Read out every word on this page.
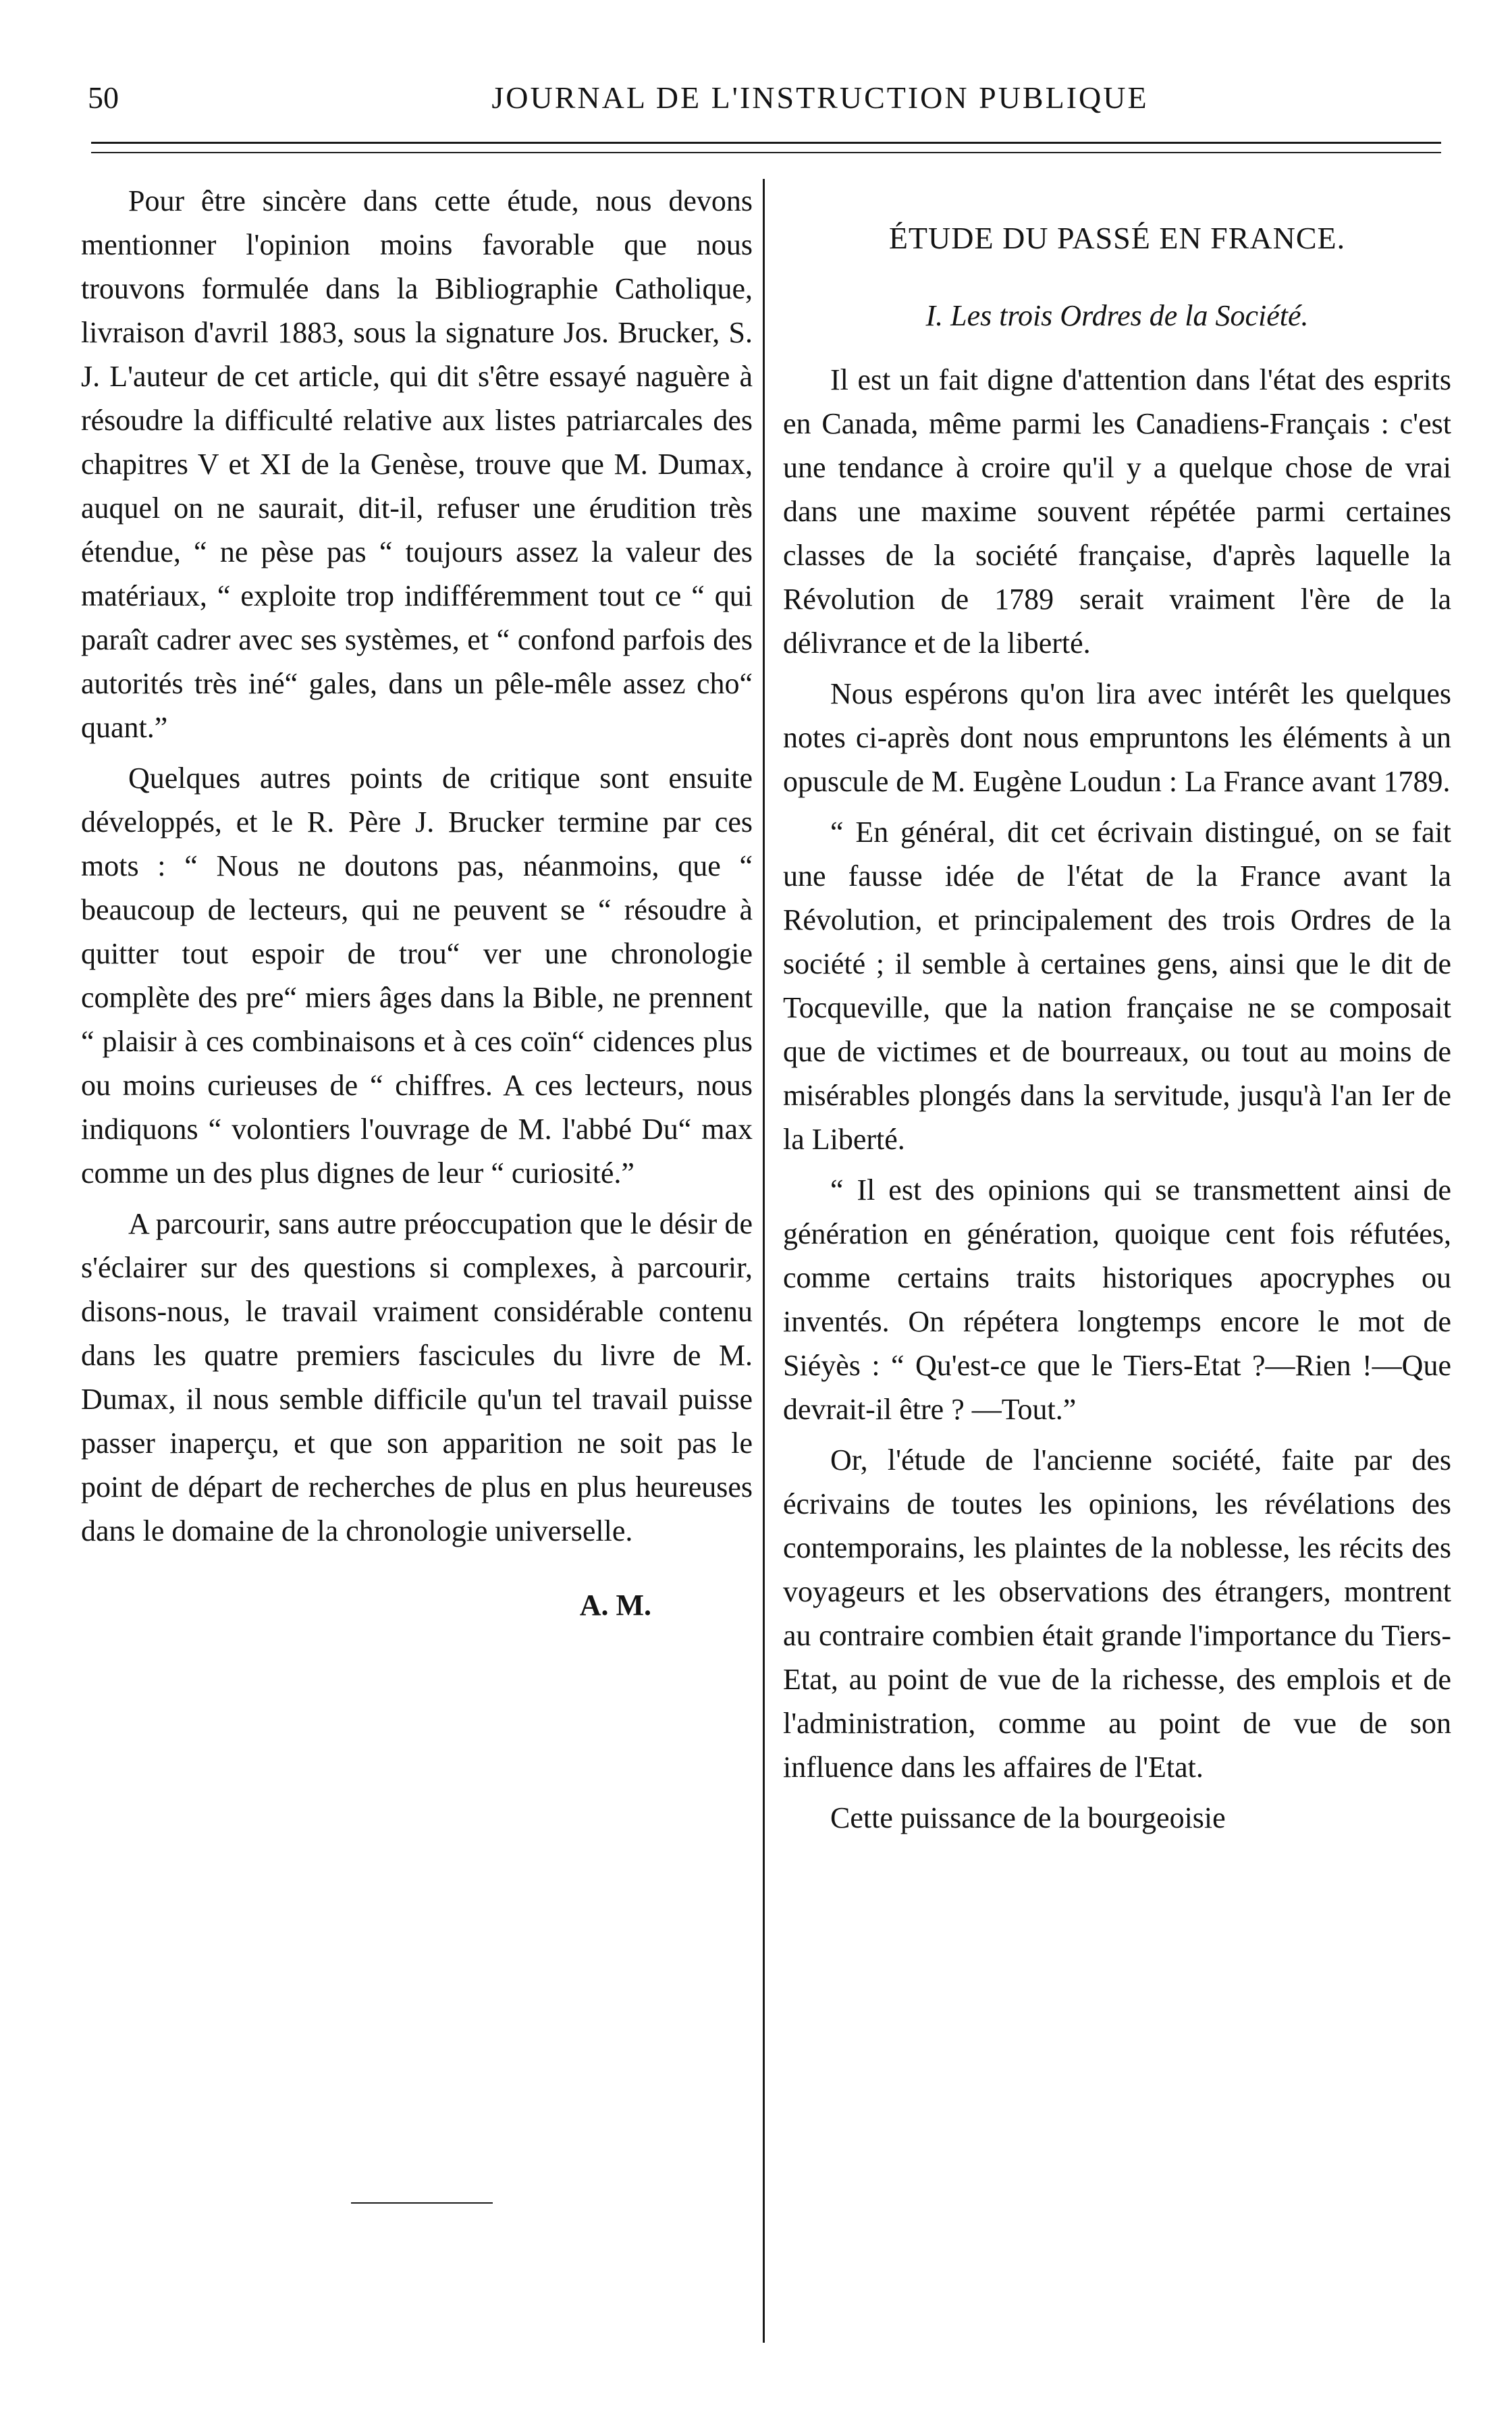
50	JOURNAL DE L'INSTRUCTION PUBLIQUE

Pour être sincère dans cette étude, nous devons mentionner l'opinion moins favorable que nous trouvons formulée dans la Bibliographie Catholique, livraison d'avril 1883, sous la signature Jos. Brucker, S. J. L'auteur de cet article, qui dit s'être essayé naguère à résoudre la difficulté relative aux listes patriarcales des chapitres V et XI de la Genèse, trouve que M. Dumax, auquel on ne saurait, dit-il, refuser une érudition très étendue, “ ne pèse pas “ toujours assez la valeur des matériaux, “ exploite trop indifféremment tout ce “ qui paraît cadrer avec ses systèmes, et “ confond parfois des autorités très iné“ gales, dans un pêle-mêle assez cho“ quant.”

Quelques autres points de critique sont ensuite développés, et le R. Père J. Brucker termine par ces mots : “ Nous ne doutons pas, néanmoins, que “ beaucoup de lecteurs, qui ne peuvent se “ résoudre à quitter tout espoir de trou“ ver une chronologie complète des pre“ miers âges dans la Bible, ne prennent “ plaisir à ces combinaisons et à ces coïn“ cidences plus ou moins curieuses de “ chiffres. A ces lecteurs, nous indiquons “ volontiers l'ouvrage de M. l'abbé Du“ max comme un des plus dignes de leur “ curiosité.”

A parcourir, sans autre préoccupation que le désir de s'éclairer sur des questions si complexes, à parcourir, disons-nous, le travail vraiment considérable contenu dans les quatre premiers fascicules du livre de M. Dumax, il nous semble difficile qu'un tel travail puisse passer inaperçu, et que son apparition ne soit pas le point de départ de recherches de plus en plus heureuses dans le domaine de la chronologie universelle.

A. M.
ÉTUDE DU PASSÉ EN FRANCE.
I. Les trois Ordres de la Société.

Il est un fait digne d'attention dans l'état des esprits en Canada, même parmi les Canadiens-Français : c'est une tendance à croire qu'il y a quelque chose de vrai dans une maxime souvent répétée parmi certaines classes de la société française, d'après laquelle la Révolution de 1789 serait vraiment l'ère de la délivrance et de la liberté.

Nous espérons qu'on lira avec intérêt les quelques notes ci-après dont nous empruntons les éléments à un opuscule de M. Eugène Loudun : La France avant 1789.

“ En général, dit cet écrivain distingué, on se fait une fausse idée de l'état de la France avant la Révolution, et principalement des trois Ordres de la société ; il semble à certaines gens, ainsi que le dit de Tocqueville, que la nation française ne se composait que de victimes et de bourreaux, ou tout au moins de misérables plongés dans la servitude, jusqu'à l'an Ier de la Liberté.

“ Il est des opinions qui se transmettent ainsi de génération en génération, quoique cent fois réfutées, comme certains traits historiques apocryphes ou inventés. On répétera longtemps encore le mot de Siéyès : “ Qu'est-ce que le Tiers-Etat ?—Rien !—Que devrait-il être ? —Tout.”

Or, l'étude de l'ancienne société, faite par des écrivains de toutes les opinions, les révélations des contemporains, les plaintes de la noblesse, les récits des voyageurs et les observations des étrangers, montrent au contraire combien était grande l'importance du Tiers-Etat, au point de vue de la richesse, des emplois et de l'administration, comme au point de vue de son influence dans les affaires de l'Etat.

Cette puissance de la bourgeoisie
